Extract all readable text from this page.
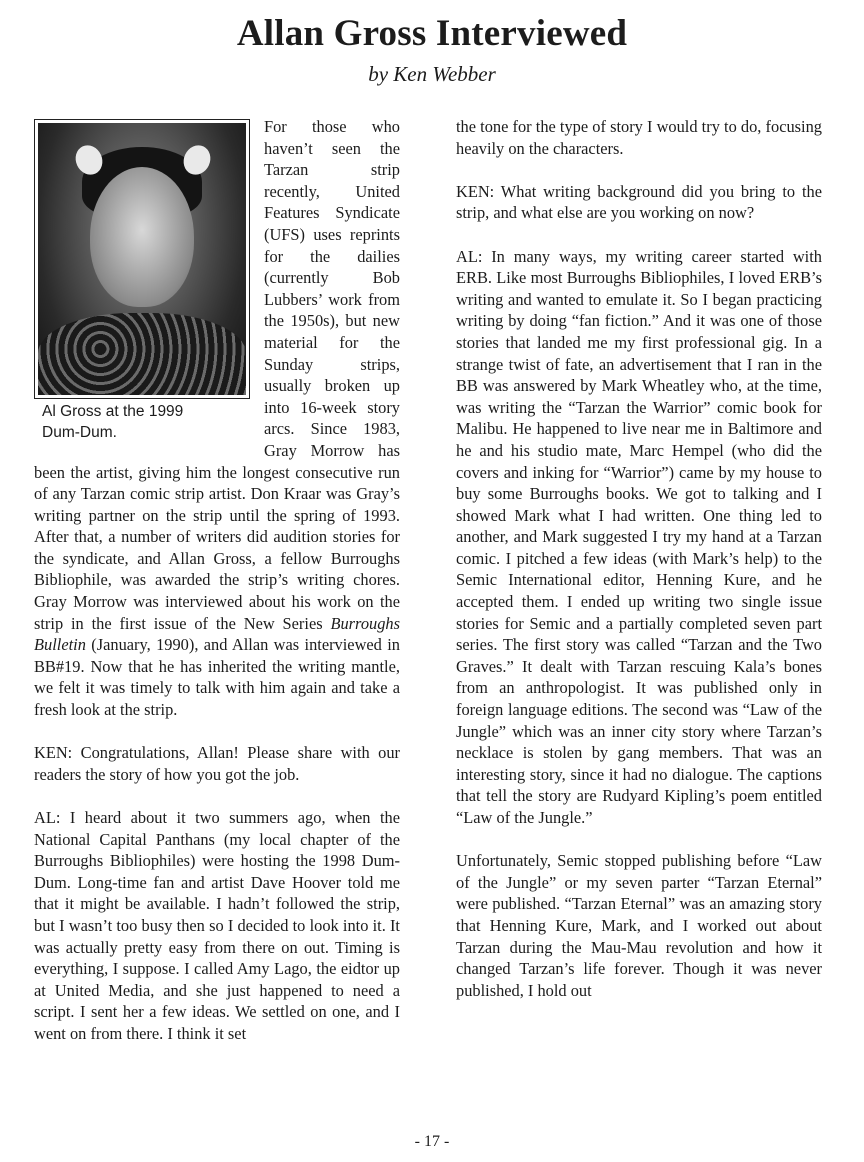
Allan Gross Interviewed
by Ken Webber
Al Gross at the 1999
Dum-Dum.

For those who haven’t seen the Tarzan strip recently, United Features Syndicate (UFS) uses reprints for the dailies (currently Bob Lubbers’ work from the 1950s), but new material for the Sunday strips, usually broken up into 16-week story arcs. Since 1983, Gray Morrow has been the artist, giving him the longest consecutive run of any Tarzan comic strip artist. Don Kraar was Gray’s writing partner on the strip until the spring of 1993. After that, a number of writers did audition stories for the syndicate, and Allan Gross, a fellow Burroughs Bibliophile, was awarded the strip’s writing chores. Gray Morrow was interviewed about his work on the strip in the first issue of the New Series Burroughs Bulletin (January, 1990), and Allan was interviewed in BB#19. Now that he has inherited the writing mantle, we felt it was timely to talk with him again and take a fresh look at the strip.

KEN: Congratulations, Allan! Please share with our readers the story of how you got the job.

AL: I heard about it two summers ago, when the National Capital Panthans (my local chapter of the Burroughs Bibliophiles) were hosting the 1998 Dum-Dum. Long-time fan and artist Dave Hoover told me that it might be available. I hadn’t followed the strip, but I wasn’t too busy then so I decided to look into it. It was actually pretty easy from there on out. Timing is everything, I suppose. I called Amy Lago, the eidtor up at United Media, and she just happened to need a script. I sent her a few ideas. We settled on one, and I went on from there. I think it set

the tone for the type of story I would try to do, focusing heavily on the characters.

KEN: What writing background did you bring to the strip, and what else are you working on now?

AL: In many ways, my writing career started with ERB. Like most Burroughs Bibliophiles, I loved ERB’s writing and wanted to emulate it. So I began practicing writing by doing “fan fiction.” And it was one of those stories that landed me my first professional gig. In a strange twist of fate, an advertisement that I ran in the BB was answered by Mark Wheatley who, at the time, was writing the “Tarzan the Warrior” comic book for Malibu. He happened to live near me in Baltimore and he and his studio mate, Marc Hempel (who did the covers and inking for “Warrior”) came by my house to buy some Burroughs books. We got to talking and I showed Mark what I had written. One thing led to another, and Mark suggested I try my hand at a Tarzan comic. I pitched a few ideas (with Mark’s help) to the Semic International editor, Henning Kure, and he accepted them. I ended up writing two single issue stories for Semic and a partially completed seven part series. The first story was called “Tarzan and the Two Graves.” It dealt with Tarzan rescuing Kala’s bones from an anthropologist. It was published only in foreign language editions. The second was “Law of the Jungle” which was an inner city story where Tarzan’s necklace is stolen by gang members. That was an interesting story, since it had no dialogue. The captions that tell the story are Rudyard Kipling’s poem entitled “Law of the Jungle.”

Unfortunately, Semic stopped publishing before “Law of the Jungle” or my seven parter “Tarzan Eternal” were published. “Tarzan Eternal” was an amazing story that Henning Kure, Mark, and I worked out about Tarzan during the Mau-Mau revolution and how it changed Tarzan’s life forever. Though it was never published, I hold out

- 17 -
